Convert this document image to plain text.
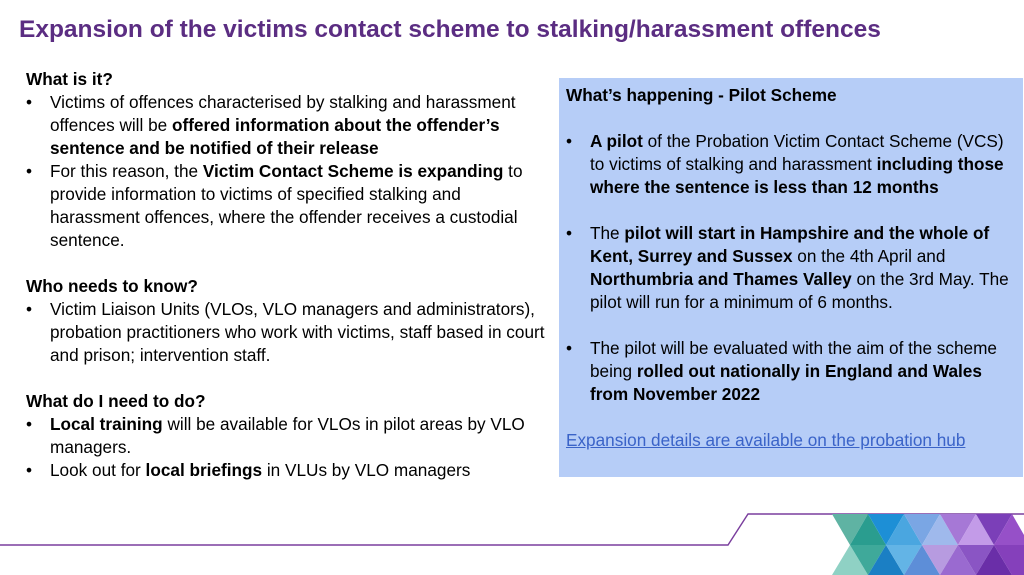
Expansion of the victims contact scheme to stalking/harassment offences
What is it?
• Victims of offences characterised by stalking and harassment offences will be offered information about the offender’s sentence and be notified of their release
• For this reason, the Victim Contact Scheme is expanding to provide information to victims of specified stalking and harassment offences, where the offender receives a custodial sentence.
Who needs to know?
• Victim Liaison Units (VLOs, VLO managers and administrators), probation practitioners who work with victims, staff based in court and prison; intervention staff.
What do I need to do?
• Local training will be available for VLOs in pilot areas by VLO managers.
• Look out for local briefings in VLUs by VLO managers
What’s happening - Pilot Scheme
• A pilot of the Probation Victim Contact Scheme (VCS) to victims of stalking and harassment including those where the sentence is less than 12 months
• The pilot will start in Hampshire and the whole of Kent, Surrey and Sussex on the 4th April and Northumbria and Thames Valley on the 3rd May. The pilot will run for a minimum of 6 months.
• The pilot will be evaluated with the aim of the scheme being rolled out nationally in England and Wales from November 2022
Expansion details are available on the probation hub
